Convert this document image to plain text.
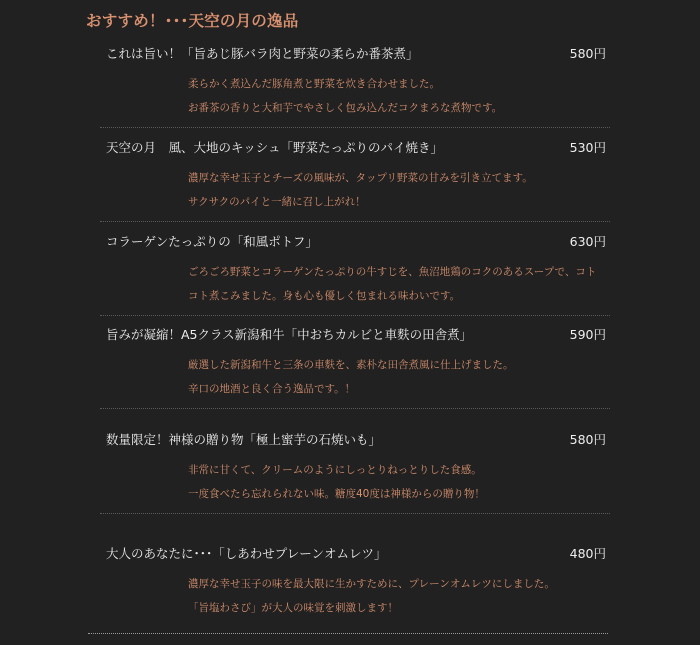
おすすめ！･･･天空の月の逸品
これは旨い！「旨あじ豚バラ肉と野菜の柔らか番茶煮」	580円
柔らかく煮込んだ豚角煮と野菜を炊き合わせました。
お番茶の香りと大和芋でやさしく包み込んだコクまろな煮物です。
天空の月　風、大地のキッシュ「野菜たっぷりのパイ焼き」	530円
濃厚な幸せ玉子とチーズの風味が、タップリ野菜の甘みを引き立てます。
サクサクのパイと一緒に召し上がれ！
コラーゲンたっぷりの「和風ポトフ」	630円
ごろごろ野菜とコラーゲンたっぷりの牛すじを、魚沼地鶏のコクのあるスープで、コト
コト煮こみました。身も心も優しく包まれる味わいです。
旨みが凝縮！A5クラス新潟和牛「中おちカルビと車麩の田舎煮」	590円
厳選した新潟和牛と三条の車麩を、素朴な田舎煮風に仕上げました。
辛口の地酒と良く合う逸品です。！
数量限定！神様の贈り物「極上蜜芋の石焼いも」	580円
非常に甘くて、クリームのようにしっとりねっとりした食感。
一度食べたら忘れられない味。糖度40度は神様からの贈り物！
大人のあなたに･･･「しあわせプレーンオムレツ」	480円
濃厚な幸せ玉子の味を最大限に生かすために、プレーンオムレツにしました。
「旨塩わさび」が大人の味覚を刺激します！
